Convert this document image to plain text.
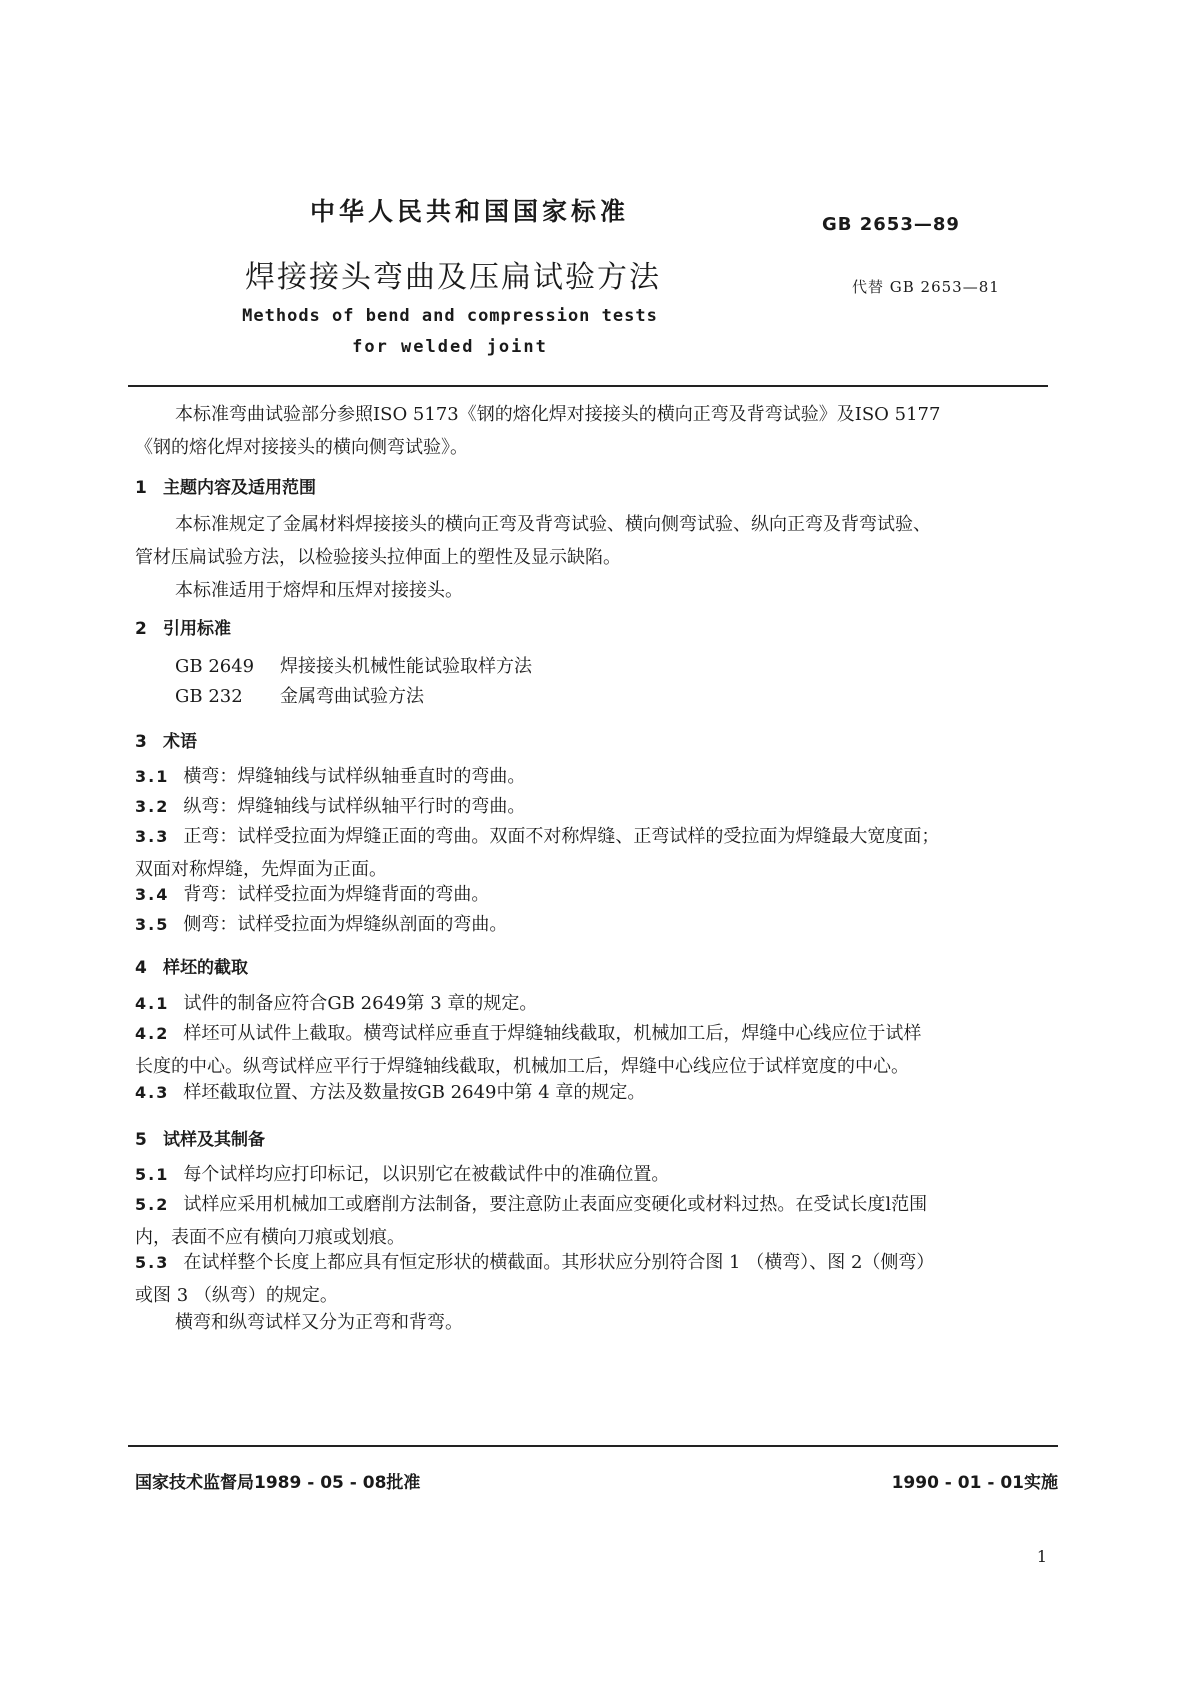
中华人民共和国国家标准	GB 2653—89
焊接接头弯曲及压扁试验方法	代替 GB 2653—81
Methods of bend and compression tests
for welded joint
本标准弯曲试验部分参照ISO 5173《钢的熔化焊对接接头的横向正弯及背弯试验》及ISO 5177
《钢的熔化焊对接接头的横向侧弯试验》。
1 主题内容及适用范围
本标准规定了金属材料焊接接头的横向正弯及背弯试验、横向侧弯试验、纵向正弯及背弯试验、
管材压扁试验方法，以检验接头拉伸面上的塑性及显示缺陷。
本标准适用于熔焊和压焊对接接头。
2 引用标准
GB 2649 焊接接头机械性能试验取样方法
GB 232 金属弯曲试验方法
3 术语
3.1 横弯：焊缝轴线与试样纵轴垂直时的弯曲。
3.2 纵弯：焊缝轴线与试样纵轴平行时的弯曲。
3.3 正弯：试样受拉面为焊缝正面的弯曲。双面不对称焊缝、正弯试样的受拉面为焊缝最大宽度面；
双面对称焊缝，先焊面为正面。
3.4 背弯：试样受拉面为焊缝背面的弯曲。
3.5 侧弯：试样受拉面为焊缝纵剖面的弯曲。
4 样坯的截取
4.1 试件的制备应符合GB 2649第 3 章的规定。
4.2 样坯可从试件上截取。横弯试样应垂直于焊缝轴线截取，机械加工后，焊缝中心线应位于试样
长度的中心。纵弯试样应平行于焊缝轴线截取，机械加工后，焊缝中心线应位于试样宽度的中心。
4.3 样坯截取位置、方法及数量按GB 2649中第 4 章的规定。
5 试样及其制备
5.1 每个试样均应打印标记，以识别它在被截试件中的准确位置。
5.2 试样应采用机械加工或磨削方法制备，要注意防止表面应变硬化或材料过热。在受试长度l范围
内，表面不应有横向刀痕或划痕。
5.3 在试样整个长度上都应具有恒定形状的横截面。其形状应分别符合图 1 （横弯）、图 2（侧弯）
或图 3 （纵弯）的规定。
横弯和纵弯试样又分为正弯和背弯。
国家技术监督局1989 - 05 - 08批准	1990 - 01 - 01实施
1
